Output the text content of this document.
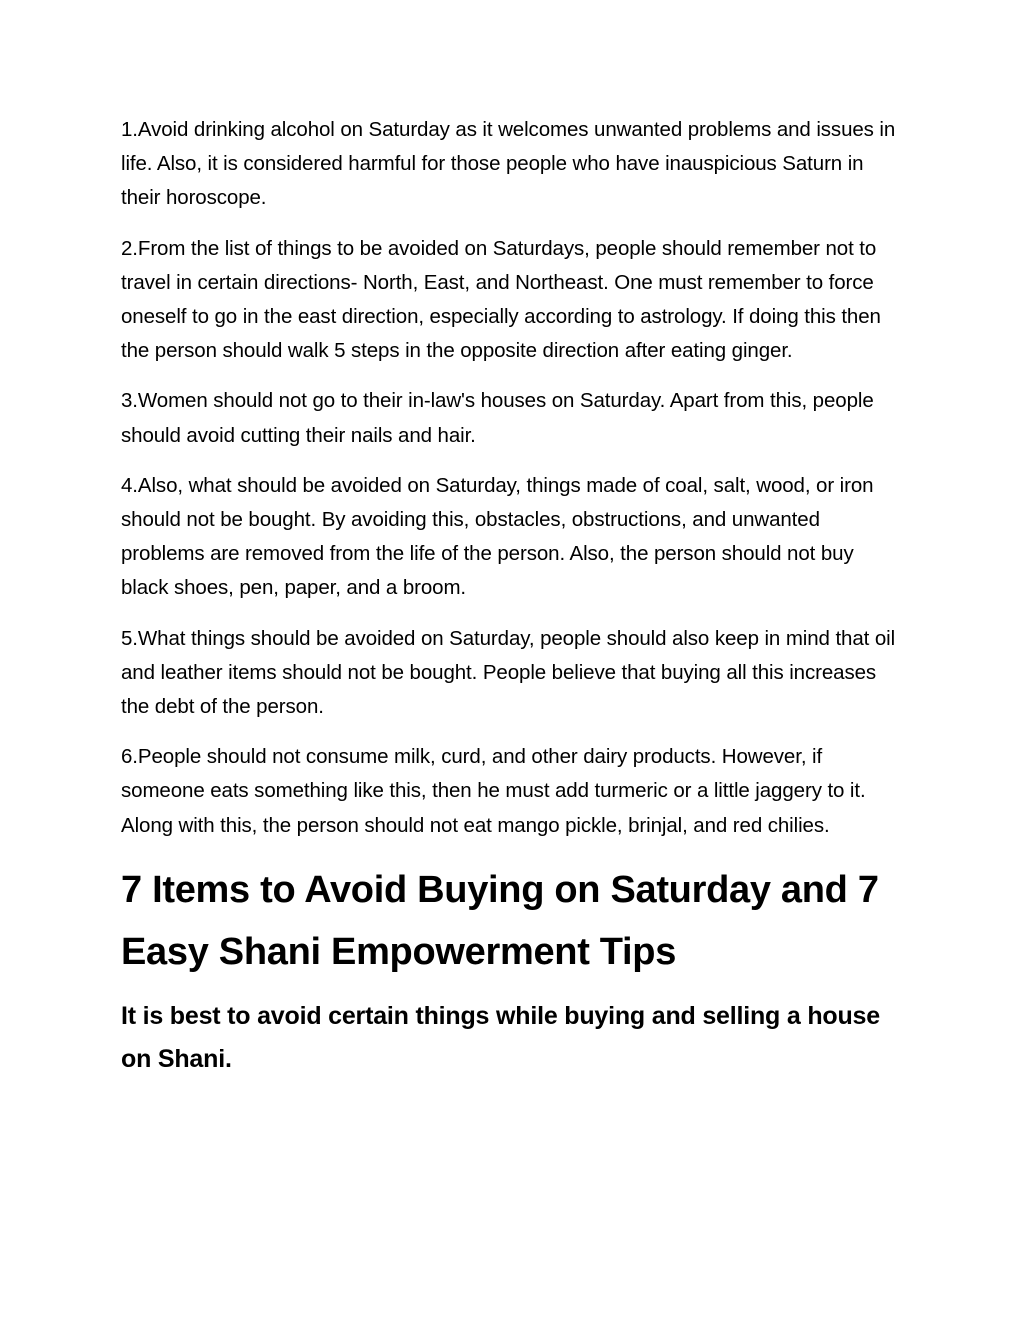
1.Avoid drinking alcohol on Saturday as it welcomes unwanted problems and issues in life. Also, it is considered harmful for those people who have inauspicious Saturn in their horoscope.

2.From the list of things to be avoided on Saturdays, people should remember not to travel in certain directions- North, East, and Northeast. One must remember to force oneself to go in the east direction, especially according to astrology. If doing this then the person should walk 5 steps in the opposite direction after eating ginger.

3.Women should not go to their in-law's houses on Saturday. Apart from this, people should avoid cutting their nails and hair.

4.Also, what should be avoided on Saturday, things made of coal, salt, wood, or iron should not be bought. By avoiding this, obstacles, obstructions, and unwanted problems are removed from the life of the person. Also, the person should not buy black shoes, pen, paper, and a broom.

5.What things should be avoided on Saturday, people should also keep in mind that oil and leather items should not be bought. People believe that buying all this increases the debt of the person.

6.People should not consume milk, curd, and other dairy products. However, if someone eats something like this, then he must add turmeric or a little jaggery to it. Along with this, the person should not eat mango pickle, brinjal, and red chilies.

7 Items to Avoid Buying on Saturday and 7 Easy Shani Empowerment Tips
It is best to avoid certain things while buying and selling a house on Shani.
